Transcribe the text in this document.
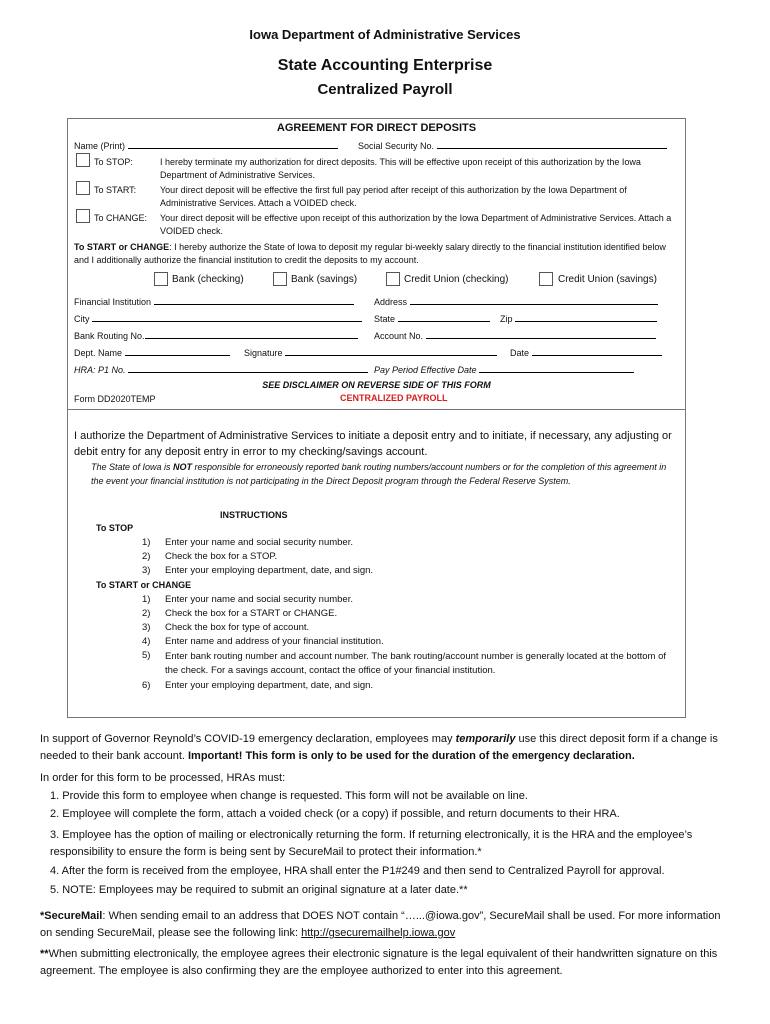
Iowa Department of Administrative Services
State Accounting Enterprise
Centralized Payroll
AGREEMENT FOR DIRECT DEPOSITS
Name (Print)	Social Security No.
To STOP:	I hereby terminate my authorization for direct deposits. This will be effective upon receipt of this authorization by the Iowa Department of Administrative Services.
To START:	Your direct deposit will be effective the first full pay period after receipt of this authorization by the Iowa Department of Administrative Services. Attach a VOIDED check.
To CHANGE: Your direct deposit will be effective upon receipt of this authorization by the Iowa Department of Administrative Services. Attach a VOIDED check.
To START or CHANGE: I hereby authorize the State of Iowa to deposit my regular bi-weekly salary directly to the financial institution identified below and I additionally authorize the financial institution to credit the deposits to my account.
Bank (checking)	Bank (savings)	Credit Union (checking)	Credit Union (savings)
Financial Institution	Address
City	State	Zip
Bank Routing No.	Account No.
Dept. Name	Signature	Date
HRA: P1 No.	Pay Period Effective Date
SEE DISCLAIMER ON REVERSE SIDE OF THIS FORM
Form DD2020TEMP	CENTRALIZED PAYROLL
I authorize the Department of Administrative Services to initiate a deposit entry and to initiate, if necessary, any adjusting or debit entry for any deposit entry in error to my checking/savings account.
The State of Iowa is NOT responsible for erroneously reported bank routing numbers/account numbers or for the completion of this agreement in the event your financial institution is not participating in the Direct Deposit program through the Federal Reserve System.
INSTRUCTIONS
To STOP
1) Enter your name and social security number.
2) Check the box for a STOP.
3) Enter your employing department, date, and sign.
To START or CHANGE
1) Enter your name and social security number.
2) Check the box for a START or CHANGE.
3) Check the box for type of account.
4) Enter name and address of your financial institution.
5) Enter bank routing number and account number. The bank routing/account number is generally located at the bottom of the check. For a savings account, contact the office of your financial institution.
6) Enter your employing department, date, and sign.
In support of Governor Reynold’s COVID-19 emergency declaration, employees may temporarily use this direct deposit form if a change is needed to their bank account. Important! This form is only to be used for the duration of the emergency declaration.
In order for this form to be processed, HRAs must:
1. Provide this form to employee when change is requested. This form will not be available on line.
2. Employee will complete the form, attach a voided check (or a copy) if possible, and return documents to their HRA.
3. Employee has the option of mailing or electronically returning the form. If returning electronically, it is the HRA and the employee’s responsibility to ensure the form is being sent by SecureMail to protect their information.*
4. After the form is received from the employee, HRA shall enter the P1#249 and then send to Centralized Payroll for approval.
5. NOTE: Employees may be required to submit an original signature at a later date.**
*SecureMail: When sending email to an address that DOES NOT contain “…...@iowa.gov”, SecureMail shall be used. For more information on sending SecureMail, please see the following link: http://gsecuremailhelp.iowa.gov
**When submitting electronically, the employee agrees their electronic signature is the legal equivalent of their handwritten signature on this agreement. The employee is also confirming they are the employee authorized to enter into this agreement.
